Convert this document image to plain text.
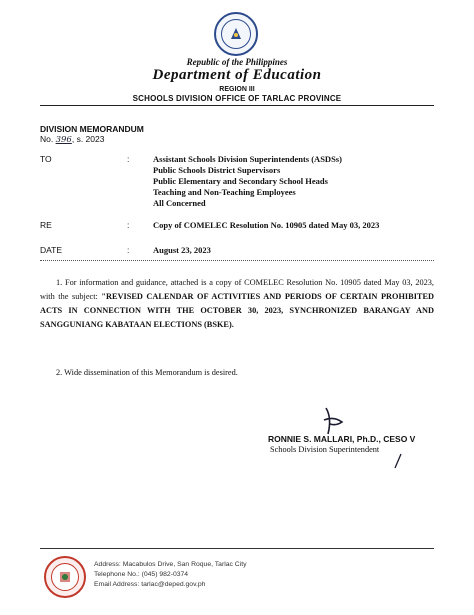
Republic of the Philippines
Department of Education
REGION III
SCHOOLS DIVISION OFFICE OF TARLAC PROVINCE
DIVISION MEMORANDUM
No. 396, s. 2023
TO	:	Assistant Schools Division Superintendents (ASDSs)
Public Schools District Supervisors
Public Elementary and Secondary School Heads
Teaching and Non-Teaching Employees
All Concerned
RE	:	Copy of COMELEC Resolution No. 10905 dated May 03, 2023
DATE	:	August 23, 2023
1. For information and guidance, attached is a copy of COMELEC Resolution No. 10905 dated May 03, 2023, with the subject: "REVISED CALENDAR OF ACTIVITIES AND PERIODS OF CERTAIN PROHIBITED ACTS IN CONNECTION WITH THE OCTOBER 30, 2023, SYNCHRONIZED BARANGAY AND SANGGUNIANG KABATAAN ELECTIONS (BSKE).
2. Wide dissemination of this Memorandum is desired.
RONNIE S. MALLARI, Ph.D., CESO V
Schools Division Superintendent
Address: Macabulos Drive, San Roque, Tarlac City
Telephone No.: (045) 982-0374
Email Address: tarlac@deped.gov.ph
